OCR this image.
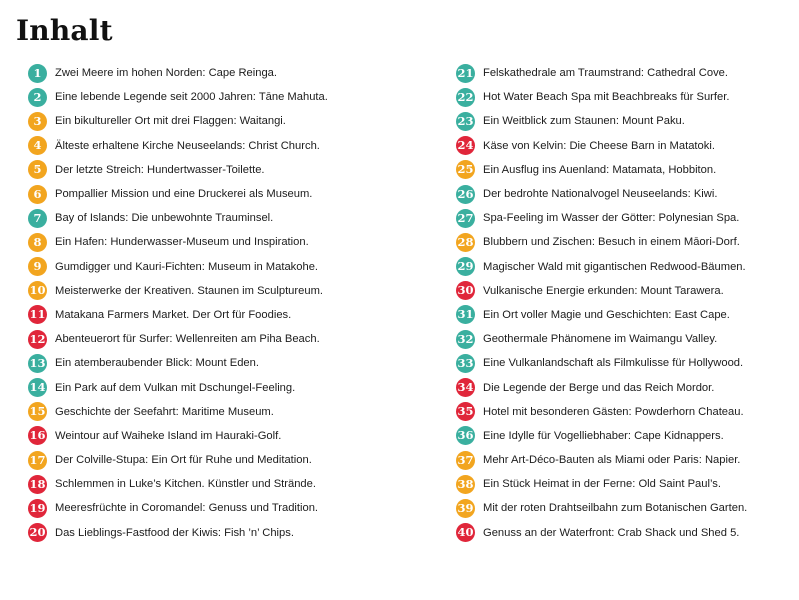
Inhalt
1	Zwei Meere im hohen Norden: Cape Reinga.
2	Eine lebende Legende seit 2000 Jahren: Tāne Mahuta.
3	Ein bikultureller Ort mit drei Flaggen: Waitangi.
4	Älteste erhaltene Kirche Neuseelands: Christ Church.
5	Der letzte Streich: Hundertwasser-Toilette.
6	Pompallier Mission und eine Druckerei als Museum.
7	Bay of Islands: Die unbewohnte Trauminsel.
8	Ein Hafen: Hunderwasser-Museum und Inspiration.
9	Gumdigger und Kauri-Fichten: Museum in Matakohe.
10 Meisterwerke der Kreativen. Staunen im Sculptureum.
11 Matakana Farmers Market. Der Ort für Foodies.
12 Abenteuerort für Surfer: Wellenreiten am Piha Beach.
13 Ein atemberaubender Blick: Mount Eden.
14 Ein Park auf dem Vulkan mit Dschungel-Feeling.
15 Geschichte der Seefahrt: Maritime Museum.
16 Weintour auf Waiheke Island im Hauraki-Golf.
17 Der Colville-Stupa: Ein Ort für Ruhe und Meditation.
18 Schlemmen in Luke’s Kitchen. Künstler und Strände.
19 Meeresfrüchte in Coromandel: Genuss und Tradition.
20 Das Lieblings-Fastfood der Kiwis: Fish ’n’ Chips.
21 Felskathedrale am Traumstrand: Cathedral Cove.
22 Hot Water Beach Spa mit Beachbreaks für Surfer.
23 Ein Weitblick zum Staunen: Mount Paku.
24 Käse von Kelvin: Die Cheese Barn in Matatoki.
25 Ein Ausflug ins Auenland: Matamata, Hobbiton.
26 Der bedrohte Nationalvogel Neuseelands: Kiwi.
27 Spa-Feeling im Wasser der Götter: Polynesian Spa.
28 Blubbern und Zischen: Besuch in einem Māori-Dorf.
29 Magischer Wald mit gigantischen Redwood-Bäumen.
30 Vulkanische Energie erkunden: Mount Tarawera.
31 Ein Ort voller Magie und Geschichten: East Cape.
32 Geothermale Phänomene im Waimangu Valley.
33 Eine Vulkanlandschaft als Filmkulisse für Hollywood.
34 Die Legende der Berge und das Reich Mordor.
35 Hotel mit besonderen Gästen: Powderhorn Chateau.
36 Eine Idylle für Vogelliebhaber: Cape Kidnappers.
37 Mehr Art-Déco-Bauten als Miami oder Paris: Napier.
38 Ein Stück Heimat in der Ferne: Old Saint Paul’s.
39 Mit der roten Drahtseilbahn zum Botanischen Garten.
40 Genuss an der Waterfront: Crab Shack und Shed 5.
